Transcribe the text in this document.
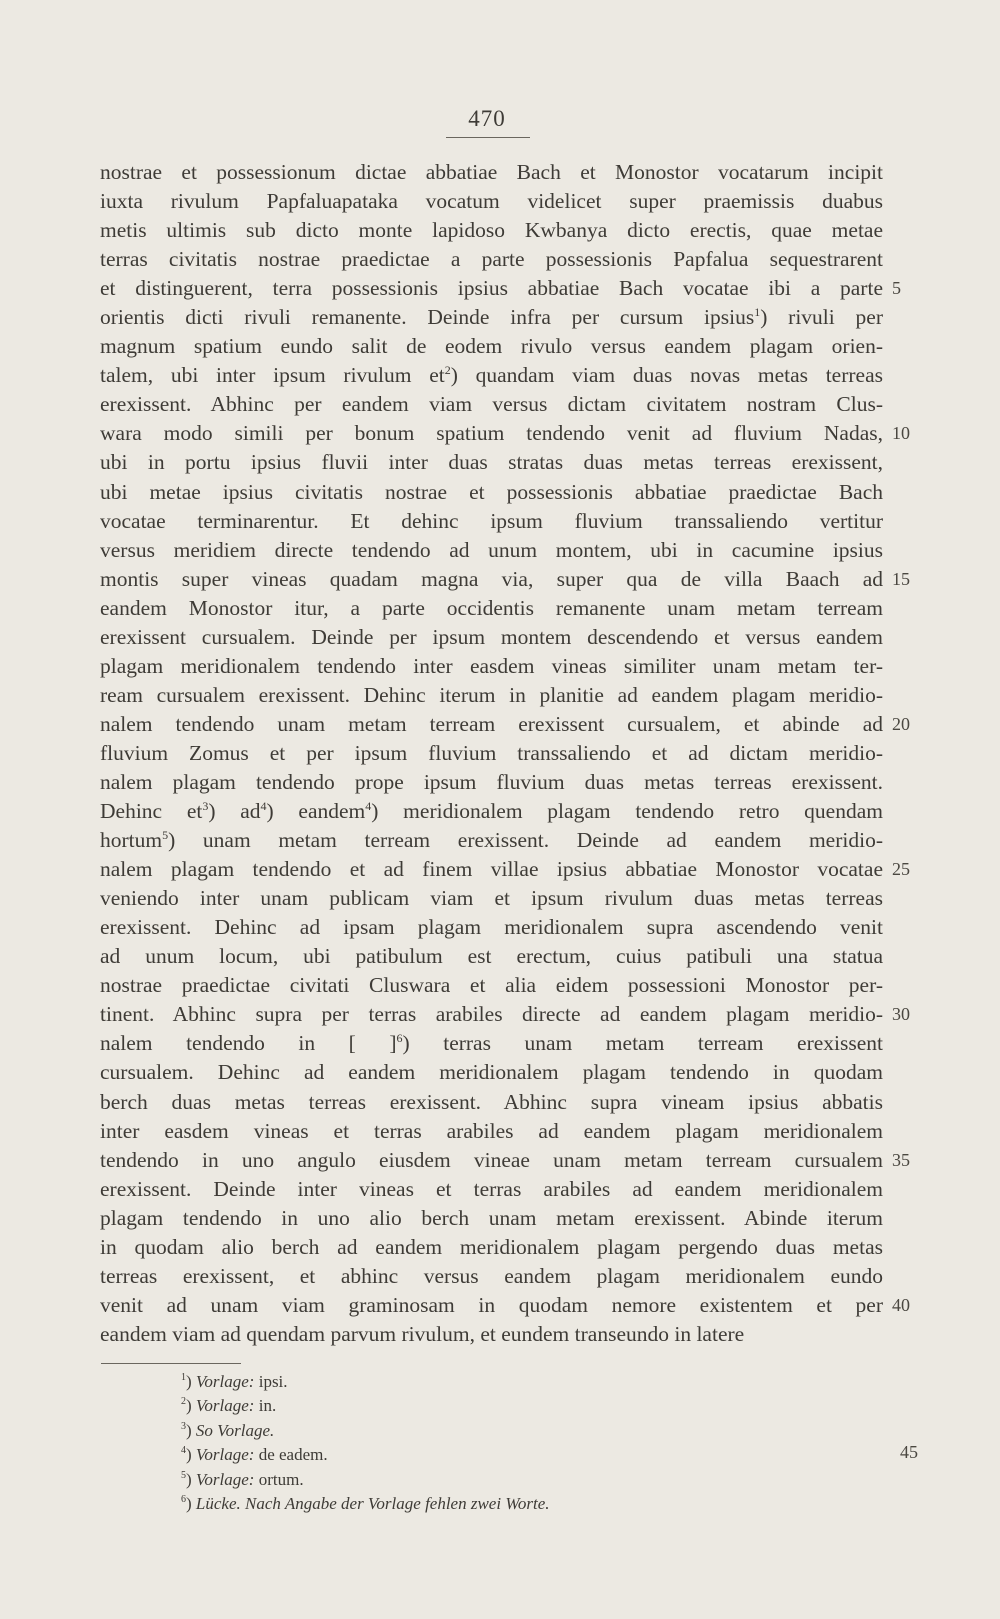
470
nostrae et possessionum dictae abbatiae Bach et Monostor vocatarum incipit
iuxta rivulum Papfaluapataka vocatum videlicet super praemissis duabus
metis ultimis sub dicto monte lapidoso Kwbanya dicto erectis, quae metae
terras civitatis nostrae praedictae a parte possessionis Papfalua sequestrarent
et distinguerent, terra possessionis ipsius abbatiae Bach vocatae ibi a parte
orientis dicti rivuli remanente. Deinde infra per cursum ipsius$^1$) rivuli per
magnum spatium eundo salit de eodem rivulo versus eandem plagam orien-
talem, ubi inter ipsum rivulum $et^2$) quandam viam duas novas metas terreas
erexissent. Abhinc per eandem viam versus dictam civitatem nostram Clus-
wara modo simili per bonum spatium tendendo venit ad fluvium Nadas,
ubi in portu ipsius fluvii inter duas stratas duas metas terreas erexissent,
ubi metae ipsius civitatis nostrae et possessionis abbatiae praedictae Bach
vocatae terminarentur. Et dehinc ipsum fluvium transsaliendo vertitur
versus meridiem directe tendendo ad unum montem, ubi in cacumine ipsius
montis super vineas quadam magna via, super qua de villa Baach ad
eandem Monostor itur, a parte occidentis remanente unam metam terream
erexissent cursualem. Deinde per ipsum montem descendendo et versus eandem
plagam meridionalem tendendo inter easdem vineas similiter unam metam ter-
ream cursualem erexissent. Dehinc iterum in planitie ad eandem plagam meridio-
nalem tendendo unam metam terream erexissent cursualem, et abinde ad
fluvium Zomus et per ipsum fluvium transsaliendo et ad dictam meridio-
nalem plagam tendendo prope ipsum fluvium duas metas terreas erexissent.
Dehinc $et^3$) $ad^4$) eandem$^4$) meridionalem plagam tendendo retro quendam
hortum$^5$) unam metam terream erexissent. Deinde ad eandem meridio-
nalem plagam tendendo et ad finem villae ipsius abbatiae Monostor vocatae
veniendo inter unam publicam viam et ipsum rivulum duas metas terreas
erexissent. Dehinc ad ipsam plagam meridionalem supra ascendendo venit
ad unum locum, ubi patibulum est erectum, cuius patibuli una statua
nostrae praedictae civitati Cluswara et alia eidem possessioni Monostor per-
tinent. Abhinc supra per terras arabiles directe ad eandem plagam meridio-
nalem tendendo in [ ]$^6$) terras unam metam terream erexissent
cursualem. Dehinc ad eandem meridionalem plagam tendendo in quodam
berch duas metas terreas erexissent. Abhinc supra vineam ipsius abbatis
inter easdem vineas et terras arabiles ad eandem plagam meridionalem
tendendo in uno angulo eiusdem vineae unam metam terream cursualem
erexissent. Deinde inter vineas et terras arabiles ad eandem meridionalem
plagam tendendo in uno alio berch unam metam erexissent. Abinde iterum
in quodam alio berch ad eandem meridionalem plagam pergendo duas metas
terreas erexissent, et abhinc versus eandem plagam meridionalem eundo
venit ad unam viam graminosam in quodam nemore existentem et per
eandem viam ad quendam parvum rivulum, et eundem transeundo in latere
5
10
15
20
25
30
35
40
$^1$) Vorlage: ipsi.
$^2$) Vorlage: in.
$^3$) So Vorlage.
$^4$) Vorlage: de eadem.
$^5$) Vorlage: ortum.
$^6$) Lücke. Nach Angabe der Vorlage fehlen zwei Worte.
45
